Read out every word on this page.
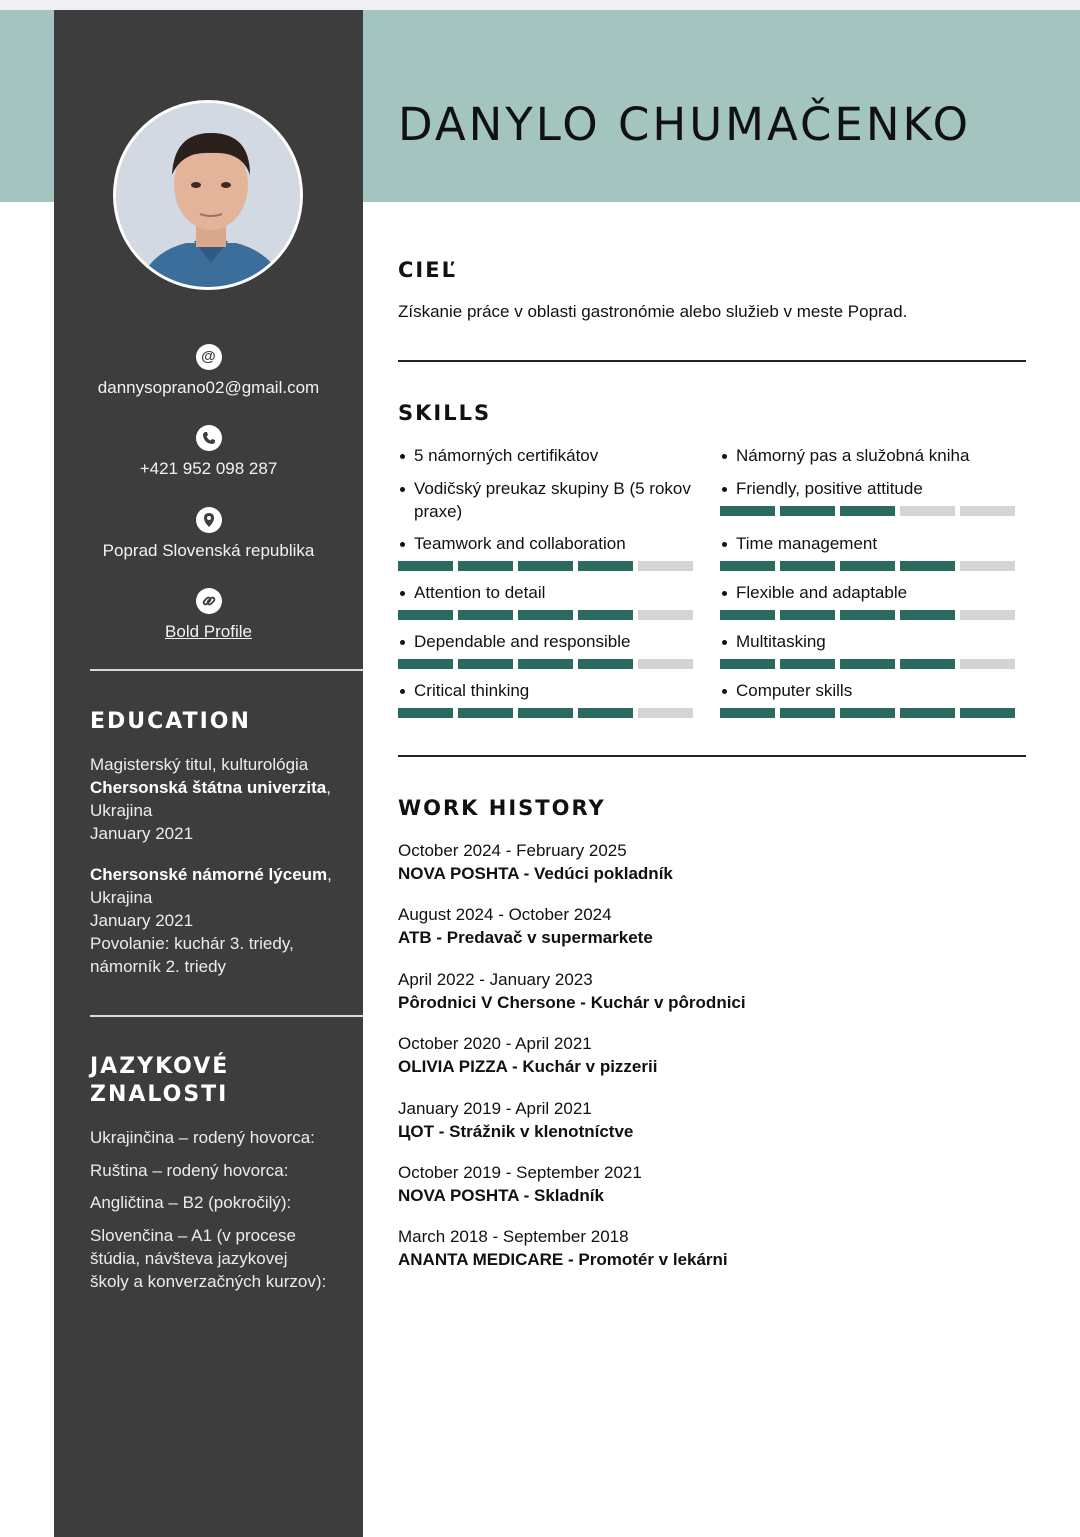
DANYLO CHUMAČENKO
@
dannysoprano02@gmail.com
+421 952 098 287
Poprad Slovenská republika
Bold Profile
EDUCATION
Magisterský titul, kulturológia
Chersonská štátna univerzita, Ukrajina
January 2021
Chersonské námorné lýceum, Ukrajina
January 2021
Povolanie: kuchár 3. triedy, námorník 2. triedy
JAZYKOVÉ ZNALOSTI
Ukrajinčina – rodený hovorca:
Ruština – rodený hovorca:
Angličtina – B2 (pokročilý):
Slovenčina – A1 (v procese štúdia, návšteva jazykovej školy a konverzačných kurzov):
CIEĽ

Získanie práce v oblasti gastronómie alebo služieb v meste Poprad.

SKILLS
5 námorných certifikátov
Vodičský preukaz skupiny B (5 rokov praxe)
Teamwork and collaboration
Attention to detail
Dependable and responsible
Critical thinking
Námorný pas a služobná kniha
Friendly, positive attitude
Time management
Flexible and adaptable
Multitasking
Computer skills
WORK HISTORY
October 2024 - February 2025
NOVA POSHTA - Vedúci pokladník
August 2024 - October 2024
ATB - Predavač v supermarkete
April 2022 - January 2023
Pôrodnici V Chersone - Kuchár v pôrodnici
October 2020 - April 2021
OLIVIA PIZZA - Kuchár v pizzerii
January 2019 - April 2021
ЦОТ - Strážnik v klenotníctve
October 2019 - September 2021
NOVA POSHTA - Skladník
March 2018 - September 2018
ANANTA MEDICARE - Promotér v lekárni
